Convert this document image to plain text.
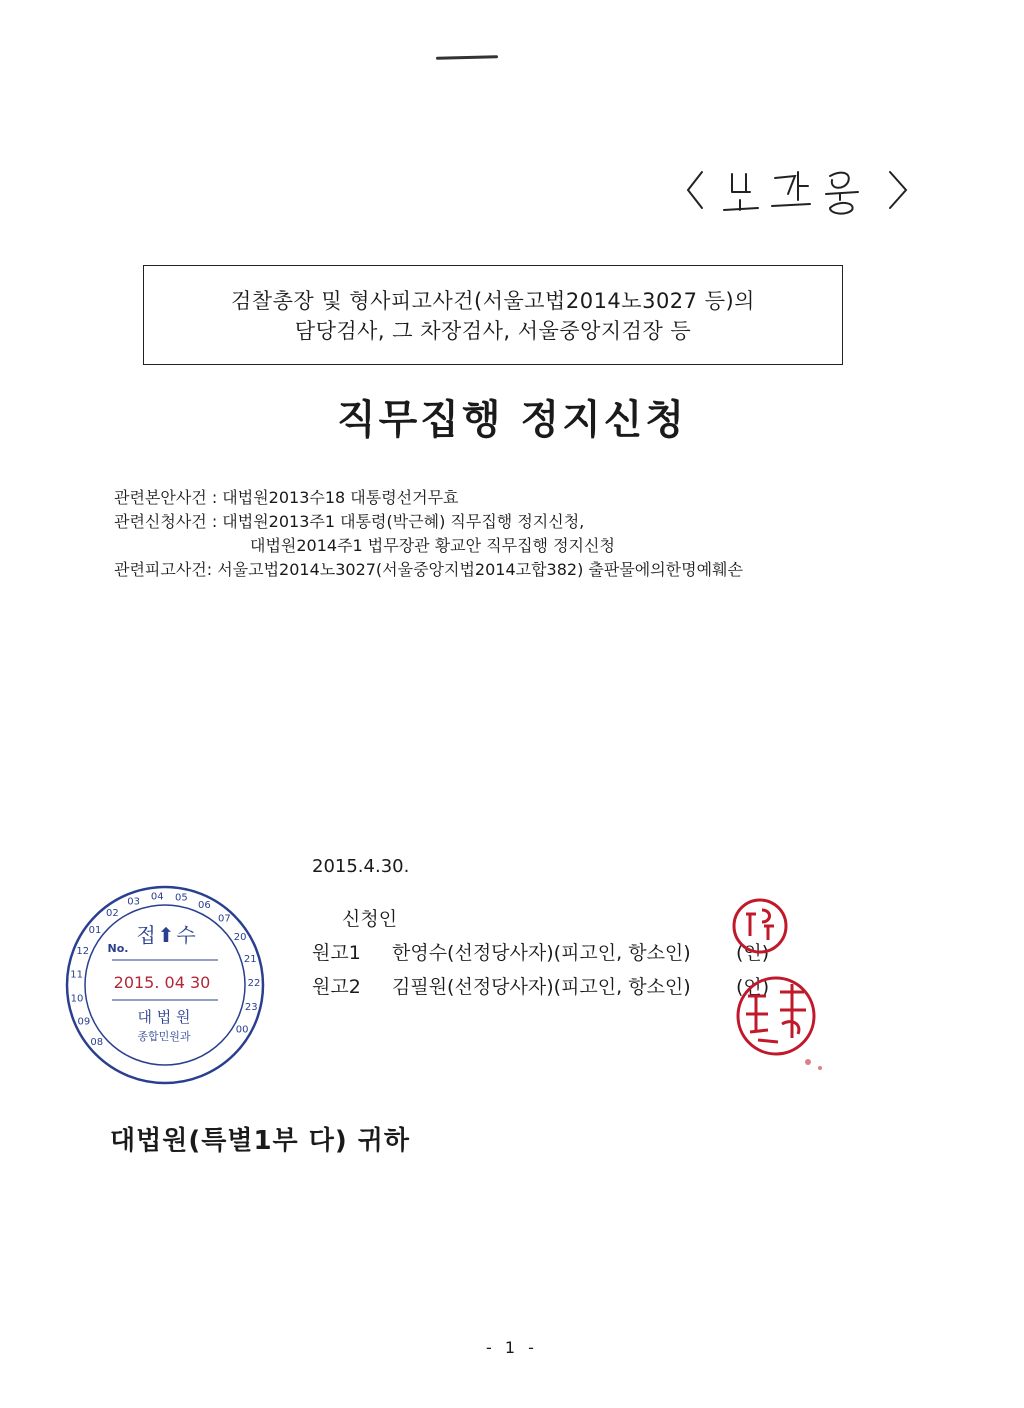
검찰총장 및 형사피고사건(서울고법2014노3027 등)의
담당검사, 그 차장검사, 서울중앙지검장 등
직무집행 정지신청
관련본안사건 : 대법원2013수18 대통령선거무효
관련신청사건 : 대법원2013주1 대통령(박근혜) 직무집행 정지신청,
대법원2014주1 법무장관 황교안 직무집행 정지신청
관련피고사건: 서울고법2014노3027(서울중앙지법2014고합382) 출판물에의한명예훼손
2015.4.30.
신청인
원고1 한영수(선정당사자)(피고인, 항소인) (인)
원고2 김필원(선정당사자)(피고인, 항소인) (인)
08
09
10
11
12
01
02
03 04 05
06
07
20
21
22
23
00
No.
접 ⬆ 수
2015. 04 30
대 법 원
종합민원과
대법원(특별1부 다) 귀하
- 1 -
